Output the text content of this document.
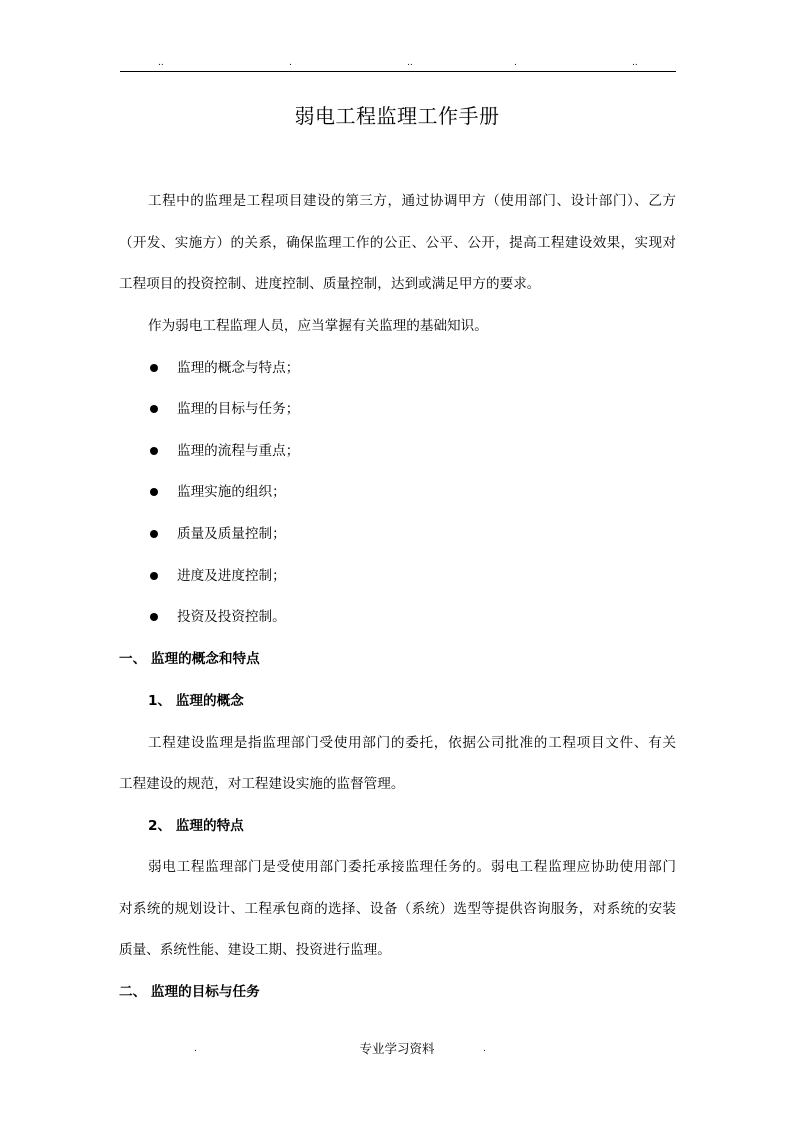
..	.	..	.	..
弱电工程监理工作手册
工程中的监理是工程项目建设的第三方，通过协调甲方（使用部门、设计部门）、乙方
（开发、实施方）的关系，确保监理工作的公正、公平、公开，提高工程建设效果，实现对
工程项目的投资控制、进度控制、质量控制，达到或满足甲方的要求。
作为弱电工程监理人员，应当掌握有关监理的基础知识。
监理的概念与特点；
监理的目标与任务；
监理的流程与重点；
监理实施的组织；
质量及质量控制；
进度及进度控制；
投资及投资控制。
一、 监理的概念和特点
1、 监理的概念
工程建设监理是指监理部门受使用部门的委托，依据公司批准的工程项目文件、有关
工程建设的规范，对工程建设实施的监督管理。
2、 监理的特点
弱电工程监理部门是受使用部门委托承接监理任务的。弱电工程监理应协助使用部门
对系统的规划设计、工程承包商的选择、设备（系统）选型等提供咨询服务，对系统的安装
质量、系统性能、建设工期、投资进行监理。
二、 监理的目标与任务
.	专业学习资料	.
